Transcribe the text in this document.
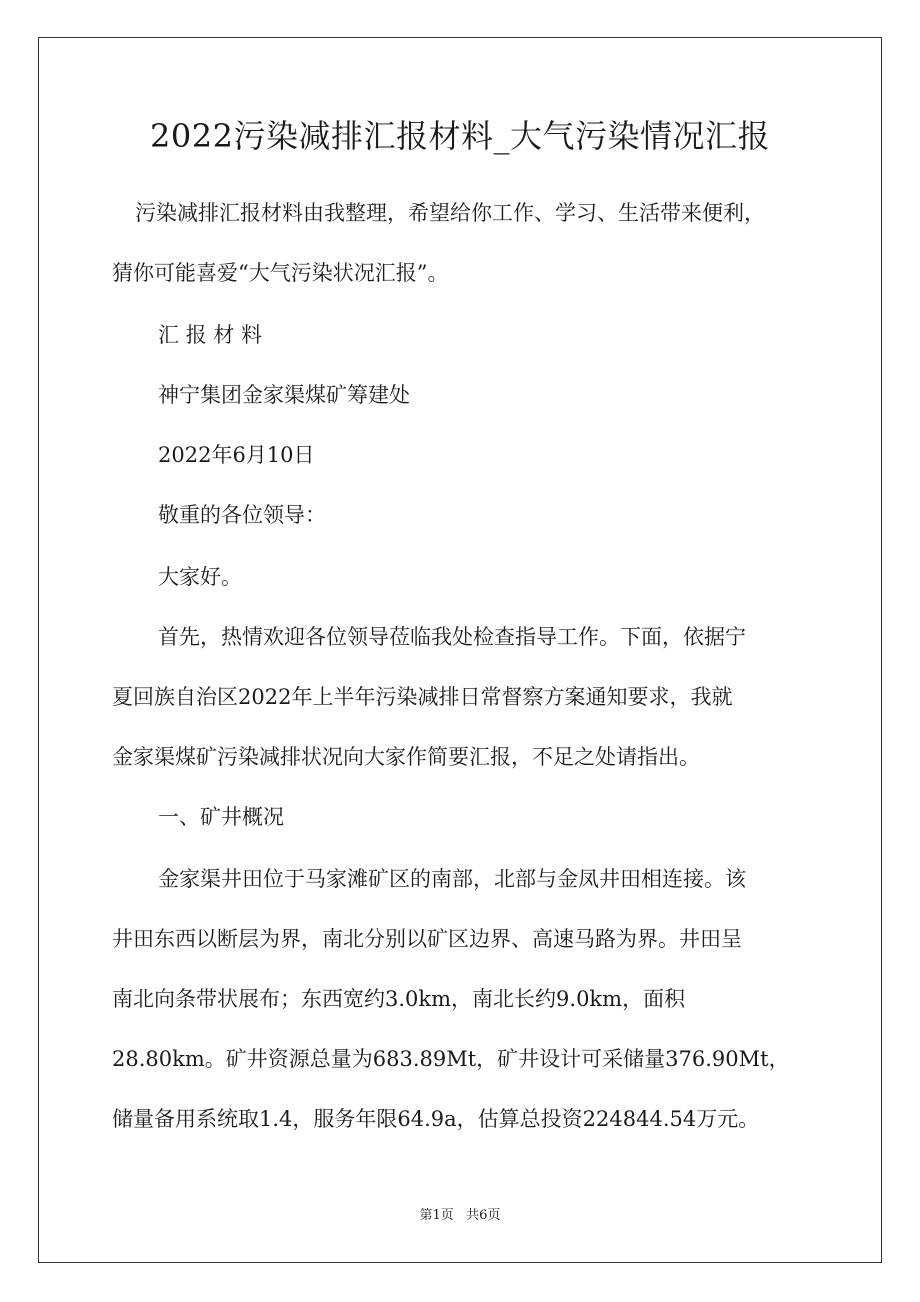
2022污染减排汇报材料_大气污染情况汇报
污染减排汇报材料由我整理，希望给你工作、学习、生活带来便利，
猜你可能喜爱“大气污染状况汇报”。
汇 报 材 料
神宁集团金家渠煤矿筹建处
2022年6月10日
敬重的各位领导：
大家好。
首先，热情欢迎各位领导莅临我处检查指导工作。下面，依据宁
夏回族自治区2022年上半年污染减排日常督察方案通知要求，我就
金家渠煤矿污染减排状况向大家作简要汇报，不足之处请指出。
一、矿井概况
金家渠井田位于马家滩矿区的南部，北部与金凤井田相连接。该
井田东西以断层为界，南北分别以矿区边界、高速马路为界。井田呈
南北向条带状展布；东西宽约3.0km，南北长约9.0km，面积
28.80km。矿井资源总量为683.89Mt，矿井设计可采储量376.90Mt，
储量备用系统取1.4，服务年限64.9a，估算总投资224844.54万元。
第1页   共6页
